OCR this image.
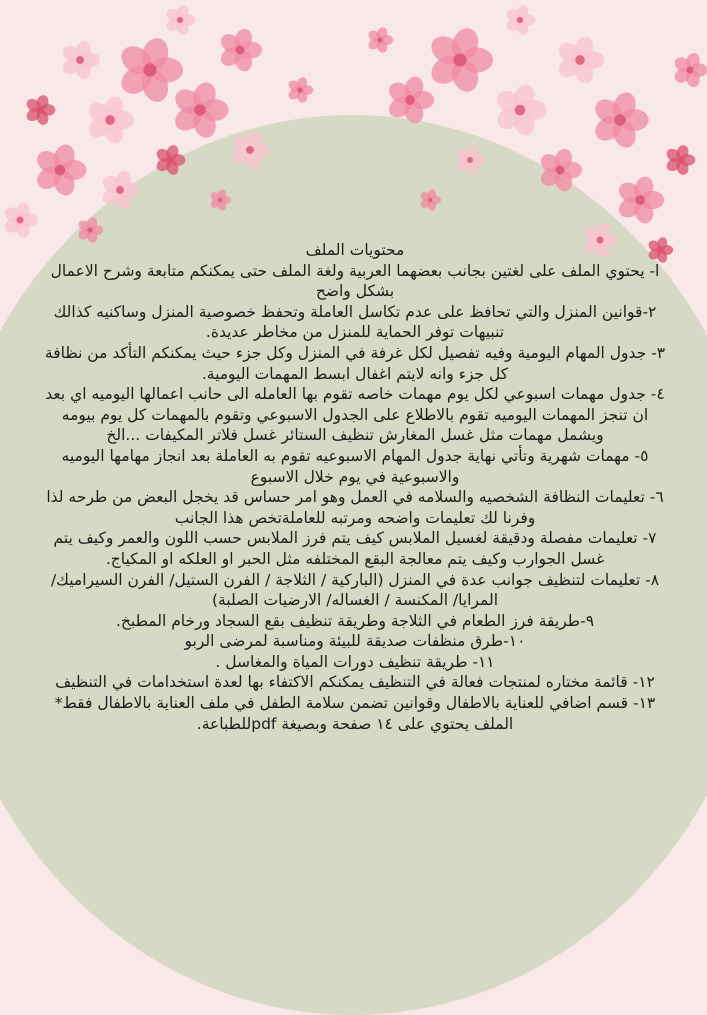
محتويات الملف

ا- يحتوي الملف على لغتين بجانب بعضهما العربية ولغة الملف حتى يمكنكم متابعة وشرح الاعمال بشكل واضح

٢-قوانين المنزل والتي تحافظ على عدم تكاسل العاملة وتحفظ خصوصية المنزل وساكنيه كذالك تنبيهات توفر الحماية للمنزل من مخاطر عديدة.

٣- جدول المهام اليومية وفيه تفصيل لكل غرفة في المنزل وكل جزء حيث يمكنكم التأكد من نظافة كل جزء وانه لايتم اغفال ابسط المهمات اليومية.

٤- جدول مهمات اسبوعي لكل يوم مهمات خاصه تقوم بها العامله الى حانب اعمالها اليوميه اي بعد ان تنجز المهمات اليوميه تقوم بالاطلاع على الجدول الاسبوعي وتقوم بالمهمات كل يوم بيومه ويشمل مهمات مثل غسل المغارش تنظيف الستائر غسل فلاتر المكيفات ...الخ

٥- مهمات شهرية وتأتي نهاية جدول المهام الاسبوعيه تقوم به العاملة بعد انجاز مهامها اليوميه والاسبوعية في يوم خلال الاسبوع

٦- تعليمات النظافة الشخصيه والسلامه في العمل وهو امر حساس قد يخجل البعض من طرحه لذا وفرنا لك تعليمات واضحه ومرتبه للعاملةتخص هذا الجانب

٧- تعليمات مفصلة ودقيقة لغسيل الملابس كيف يتم فرز الملابس حسب اللون والعمر وكيف يتم غسل الجوارب وكيف يتم معالجة البقع المختلفه مثل الحبر او العلكه او المكياج.

٨- تعليمات لتنظيف جوانب عدة في المنزل (الباركية / الثلاجة / الفرن الستيل/ الفرن السيراميك/المرايا/ المكنسة / الغساله/ الارضيات الصلبة)

٩-طريقة فرز الطعام في الثلاجة وطريقة تنظيف بقع السجاد ورخام المطبخ.

١٠-طرق منظفات صديقة للبيئة ومناسبة لمرضى الربو

١١- طريقة تنظيف دورات المياة والمغاسل .

١٢- قائمة مختاره لمنتجات فعالة في التنظيف يمكنكم الاكتفاء بها لعدة استخدامات في التنظيف

١٣- قسم اضافي للعناية بالاطفال وقوانين تضمن سلامة الطفل في ملف العناية بالاطفال فقط*

الملف يحتوي على ١٤ صفحة وبصيغة pdfللطباعة.
